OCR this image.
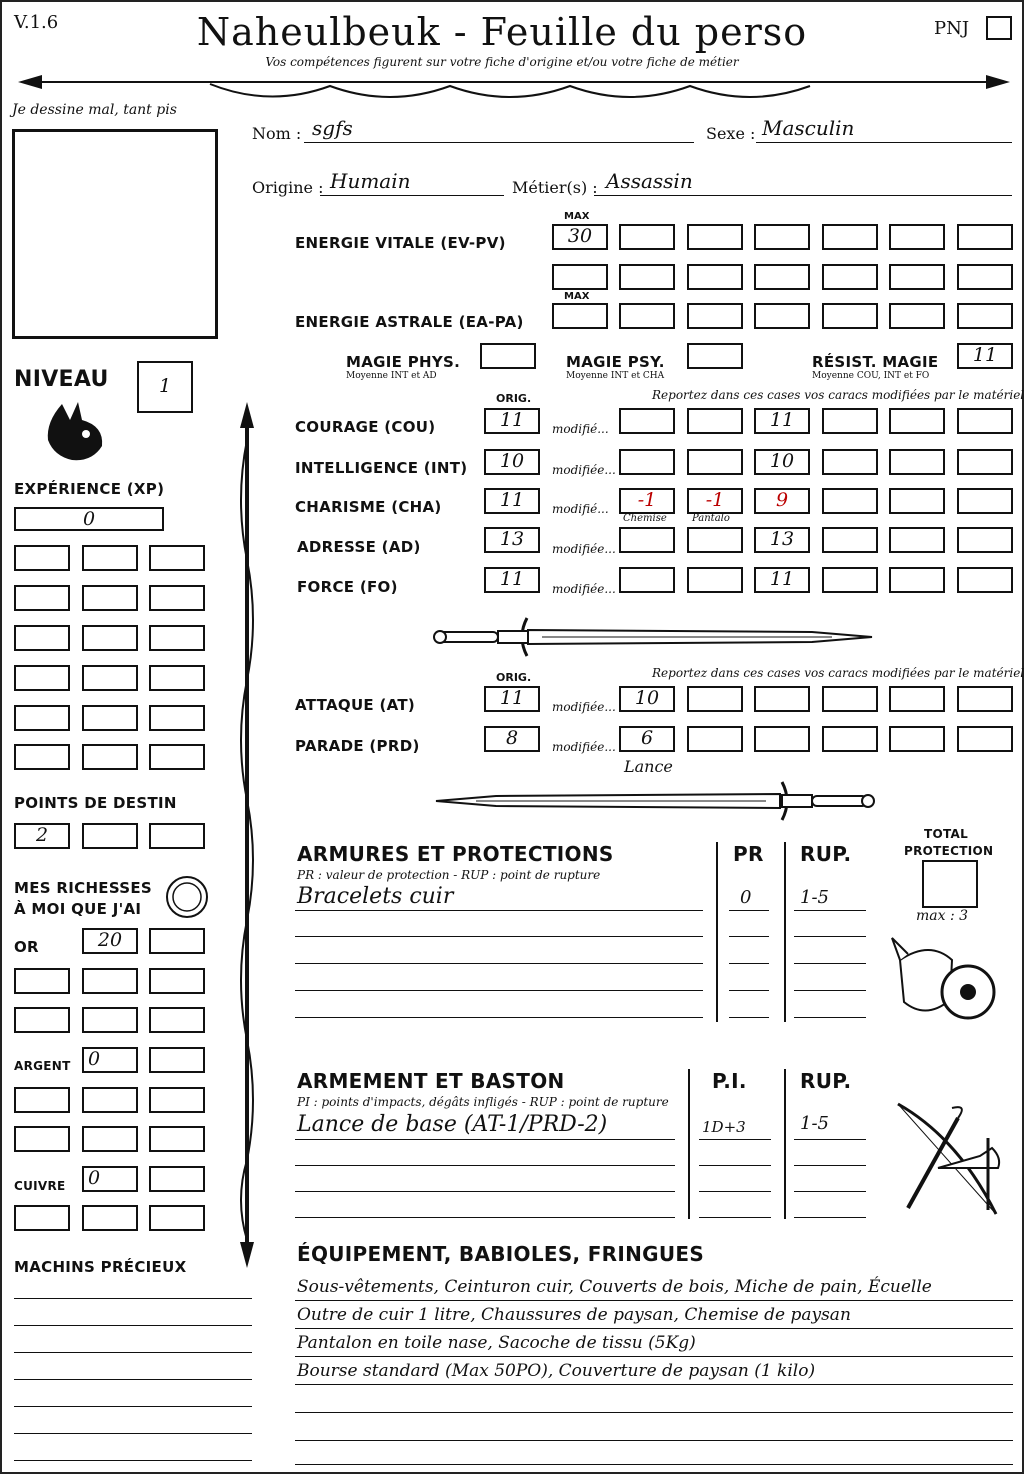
V.1.6	Naheulbeuk - Feuille du perso
Vos compétences figurent sur votre fiche d'origine et/ou votre fiche de métier
PNJ
Je dessine mal, tant pis
Nom : sgfs	Sexe : Masculin
Origine : Humain	Métier(s) : Assassin
MAX
ENERGIE VITALE (EV-PV)	30
MAX
ENERGIE ASTRALE (EA-PA)
MAGIE PHYS.
Moyenne INT et AD
MAGIE PSY.
Moyenne INT et CHA
RÉSIST. MAGIE
Moyenne COU, INT et FO
11
ORIG.	Reportez dans ces cases vos caracs modifiées par le matériel
COURAGE (COU)	11	modifié...	11
INTELLIGENCE (INT)	10	modifiée...	10
CHARISME (CHA)	11	modifié...	-1	-1	9
Chemise	Pantalo
ADRESSE (AD)	13	modifiée...	13
FORCE (FO)	11	modifiée...	11
ORIG.	Reportez dans ces cases vos caracs modifiées par le matériel
ATTAQUE (AT)	11	modifiée...	10
PARADE (PRD)	8	modifiée...	6
Lance
NIVEAU	1
EXPÉRIENCE (XP)
0
POINTS DE DESTIN
2
MES RICHESSES
À MOI QUE J'AI
OR	20
ARGENT 0
CUIVRE 0
MACHINS PRÉCIEUX
ARMURES ET PROTECTIONS
PR : valeur de protection - RUP : point de rupture
PR RUP.
Bracelets cuir	0	1-5
TOTAL
PROTECTION
max : 3
ARMEMENT ET BASTON
PI : points d'impacts, dégâts infligés - RUP : point de rupture
P.I.	RUP.
Lance de base (AT-1/PRD-2)	1D+3	1-5
ÉQUIPEMENT, BABIOLES, FRINGUES
Sous-vêtements, Ceinturon cuir, Couverts de bois, Miche de pain, Écuelle
Outre de cuir 1 litre, Chaussures de paysan, Chemise de paysan
Pantalon en toile nase, Sacoche de tissu (5Kg)
Bourse standard (Max 50PO), Couverture de paysan (1 kilo)
